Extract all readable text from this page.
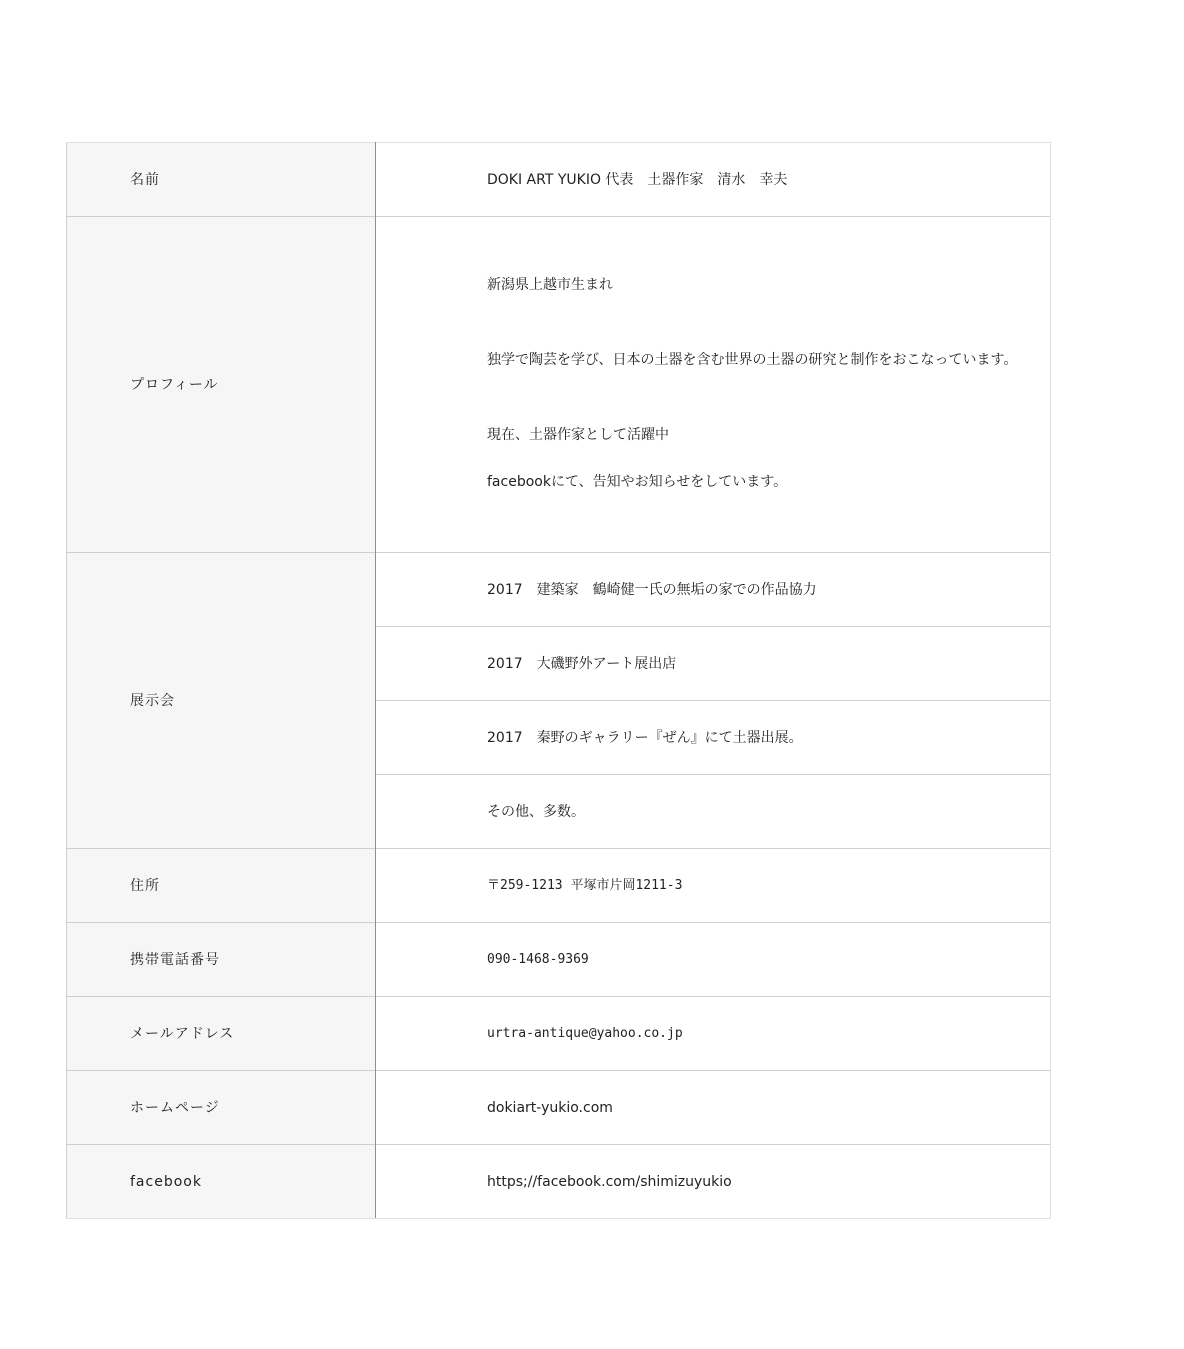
名前	DOKI ART YUKIO 代表　土器作家　清水　幸夫
プロフィール	新潟県上越市生まれ
独学で陶芸を学び、日本の土器を含む世界の土器の研究と制作をおこなっています。
現在、土器作家として活躍中
facebookにて、告知やお知らせをしています。

展示会	2017　建築家　鶴崎健一氏の無垢の家での作品協力
	2017　大磯野外アート展出店
	2017　秦野のギャラリー『ぜん』にて土器出展。
	その他、多数。
住所	〒259-1213 平塚市片岡1211-3
携帯電話番号	090-1468-9369
メールアドレス	urtra-antique@yahoo.co.jp
ホームページ	dokiart-yukio.com
facebook	https;//facebook.com/shimizuyukio
